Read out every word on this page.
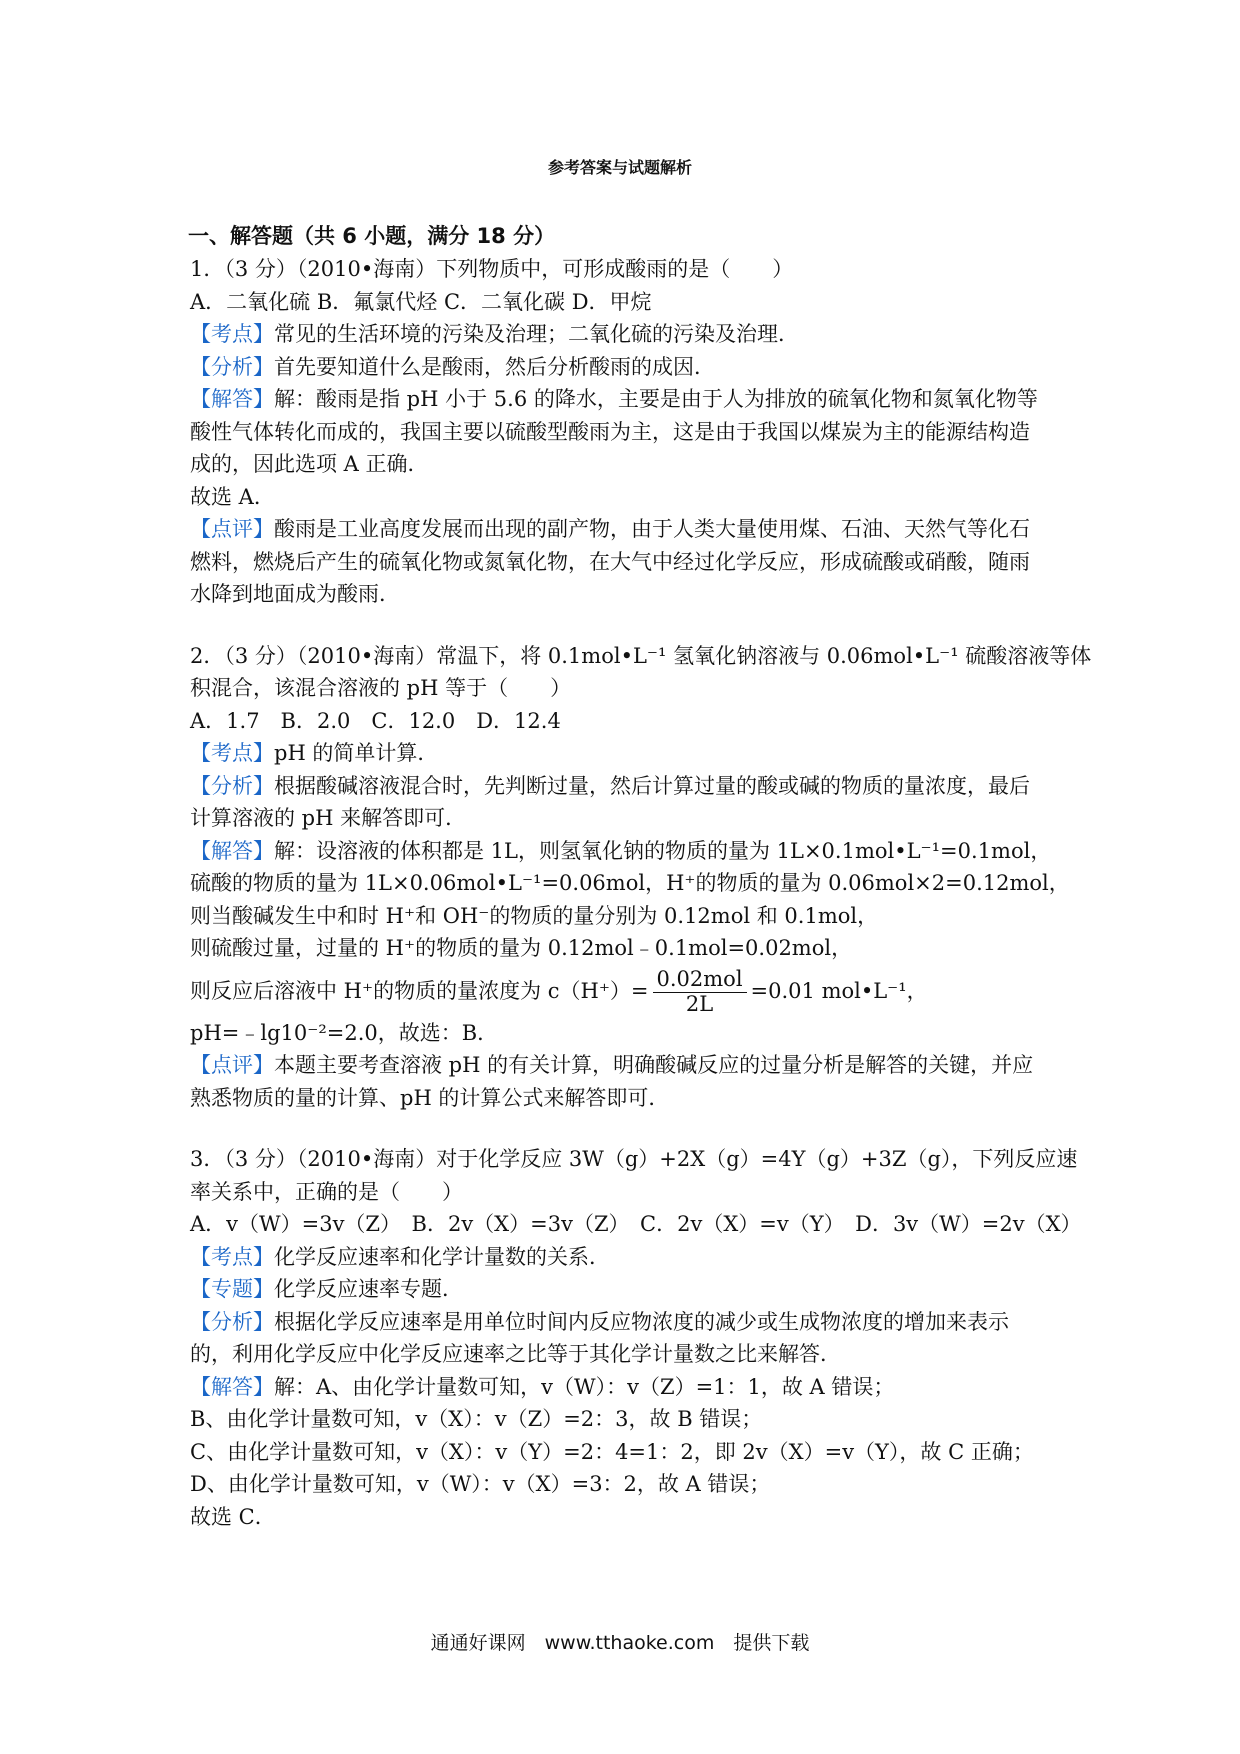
参考答案与试题解析
一、解答题（共 6 小题，满分 18 分）
1．（3 分）（2010•海南）下列物质中，可形成酸雨的是（　　）
A．二氧化硫 B．氟氯代烃 C．二氧化碳 D．甲烷
【考点】常见的生活环境的污染及治理；二氧化硫的污染及治理．
【分析】首先要知道什么是酸雨，然后分析酸雨的成因．
【解答】解：酸雨是指 pH 小于 5.6 的降水，主要是由于人为排放的硫氧化物和氮氧化物等
酸性气体转化而成的，我国主要以硫酸型酸雨为主，这是由于我国以煤炭为主的能源结构造
成的，因此选项 A 正确．
故选 A．
【点评】酸雨是工业高度发展而出现的副产物，由于人类大量使用煤、石油、天然气等化石
燃料，燃烧后产生的硫氧化物或氮氧化物，在大气中经过化学反应，形成硫酸或硝酸，随雨
水降到地面成为酸雨．
2．（3 分）（2010•海南）常温下，将 0.1mol•L⁻¹ 氢氧化钠溶液与 0.06mol•L⁻¹ 硫酸溶液等体
积混合，该混合溶液的 pH 等于（　　）
A．1.7　B．2.0　C．12.0　D．12.4
【考点】pH 的简单计算．
【分析】根据酸碱溶液混合时，先判断过量，然后计算过量的酸或碱的物质的量浓度，最后
计算溶液的 pH 来解答即可．
【解答】解：设溶液的体积都是 1L，则氢氧化钠的物质的量为 1L×0.1mol•L⁻¹=0.1mol，
硫酸的物质的量为 1L×0.06mol•L⁻¹=0.06mol，H⁺的物质的量为 0.06mol×2=0.12mol，
则当酸碱发生中和时 H⁺和 OH⁻的物质的量分别为 0.12mol 和 0.1mol，
则硫酸过量，过量的 H⁺的物质的量为 0.12mol﹣0.1mol=0.02mol，
则反应后溶液中 H⁺的物质的量浓度为 $c(H^+)= \frac{\text{0.02mol}}{2L} =0.01$ mol•L⁻¹，
pH=﹣lg10⁻²=2.0，故选：B．
【点评】本题主要考查溶液 pH 的有关计算，明确酸碱反应的过量分析是解答的关键，并应
熟悉物质的量的计算、pH 的计算公式来解答即可．
3．（3 分）（2010•海南）对于化学反应 3W（g）+2X（g）=4Y（g）+3Z（g），下列反应速
率关系中，正确的是（　　）
A．v（W）=3v（Z）　B．2v（X）=3v（Z）　C．2v（X）=v（Y）　D．3v（W）=2v（X）
【考点】化学反应速率和化学计量数的关系．
【专题】化学反应速率专题．
【分析】根据化学反应速率是用单位时间内反应物浓度的减少或生成物浓度的增加来表示
的，利用化学反应中化学反应速率之比等于其化学计量数之比来解答．
【解答】解：A、由化学计量数可知，v（W）：v（Z）=1：1，故 A 错误；
B、由化学计量数可知，v（X）：v（Z）=2：3，故 B 错误；
C、由化学计量数可知，v（X）：v（Y）=2：4=1：2，即 2v（X）=v（Y），故 C 正确；
D、由化学计量数可知，v（W）：v（X）=3：2，故 A 错误；
故选 C．
通通好课网　www.tthaoke.com　提供下载
